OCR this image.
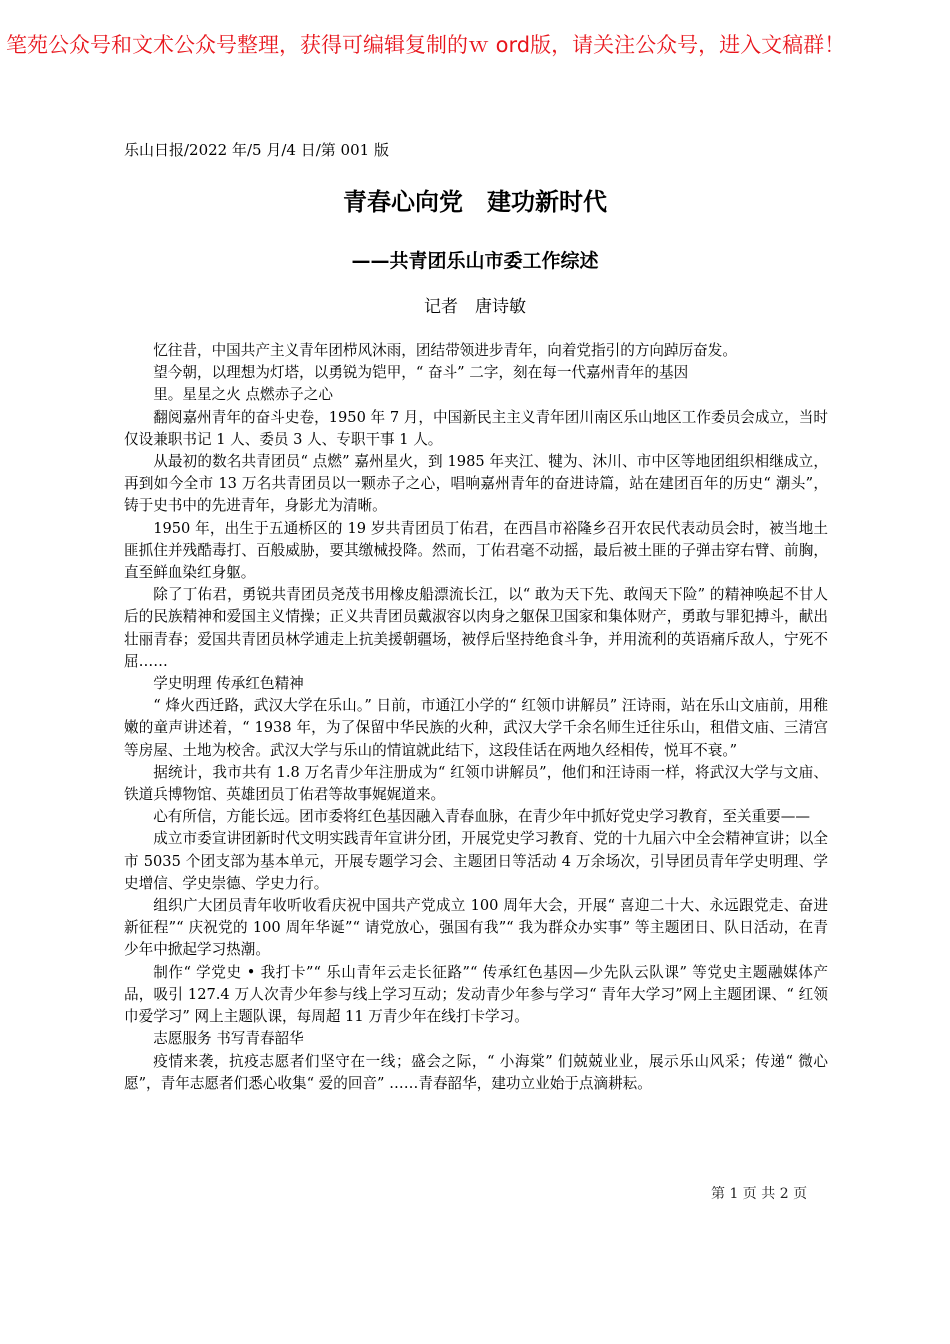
笔苑公众号和文术公众号整理，获得可编辑复制的ｗ ord版，请关注公众号，进入文稿群！
乐山日报/2022 年/5 月/4 日/第 001 版
青春心向党　建功新时代
——共青团乐山市委工作综述
记者　唐诗敏

忆往昔，中国共产主义青年团栉风沐雨，团结带领进步青年，向着党指引的方向踔厉奋发。

望今朝，以理想为灯塔，以勇锐为铠甲，“ 奋斗” 二字，刻在每一代嘉州青年的基因

里。星星之火 点燃赤子之心

翻阅嘉州青年的奋斗史卷，1950 年 7 月，中国新民主主义青年团川南区乐山地区工作委员会成立，当时仅设兼职书记 1 人、委员 3 人、专职干事 1 人。

从最初的数名共青团员“ 点燃” 嘉州星火，到 1985 年夹江、犍为、沐川、市中区等地团组织相继成立，再到如今全市 13 万名共青团员以一颗赤子之心，唱响嘉州青年的奋进诗篇，站在建团百年的历史“ 潮头”，铸于史书中的先进青年，身影尤为清晰。

1950 年，出生于五通桥区的 19 岁共青团员丁佑君，在西昌市裕隆乡召开农民代表动员会时，被当地土匪抓住并残酷毒打、百般威胁，要其缴械投降。然而，丁佑君毫不动摇，最后被土匪的子弹击穿右臂、前胸，直至鲜血染红身躯。

除了丁佑君，勇锐共青团员尧茂书用橡皮船漂流长江，以“ 敢为天下先、敢闯天下险” 的精神唤起不甘人后的民族精神和爱国主义情操；正义共青团员戴淑容以肉身之躯保卫国家和集体财产，勇敢与罪犯搏斗，献出壮丽青春；爱国共青团员林学逋走上抗美援朝疆场，被俘后坚持绝食斗争，并用流利的英语痛斥敌人，宁死不屈……

学史明理 传承红色精神

“ 烽火西迁路，武汉大学在乐山。” 日前，市通江小学的“ 红领巾讲解员” 汪诗雨，站在乐山文庙前，用稚嫩的童声讲述着，“ 1938 年，为了保留中华民族的火种，武汉大学千余名师生迁往乐山，租借文庙、三清宫等房屋、土地为校舍。武汉大学与乐山的情谊就此结下，这段佳话在两地久经相传，悦耳不衰。”

据统计，我市共有 1.8 万名青少年注册成为“ 红领巾讲解员”，他们和汪诗雨一样，将武汉大学与文庙、铁道兵博物馆、英雄团员丁佑君等故事娓娓道来。

心有所信，方能长远。团市委将红色基因融入青春血脉，在青少年中抓好党史学习教育，至关重要——

成立市委宣讲团新时代文明实践青年宣讲分团，开展党史学习教育、党的十九届六中全会精神宣讲；以全市 5035 个团支部为基本单元，开展专题学习会、主题团日等活动 4 万余场次，引导团员青年学史明理、学史增信、学史崇德、学史力行。

组织广大团员青年收听收看庆祝中国共产党成立 100 周年大会，开展“ 喜迎二十大、永远跟党走、奋进新征程”“ 庆祝党的 100 周年华诞”“ 请党放心，强国有我”“ 我为群众办实事” 等主题团日、队日活动，在青少年中掀起学习热潮。

制作“ 学党史 • 我打卡”“ 乐山青年云走长征路”“ 传承红色基因—少先队云队课” 等党史主题融媒体产品，吸引 127.4 万人次青少年参与线上学习互动；发动青少年参与学习“ 青年大学习”网上主题团课、“ 红领巾爱学习” 网上主题队课，每周超 11 万青少年在线打卡学习。

志愿服务 书写青春韶华

疫情来袭，抗疫志愿者们坚守在一线；盛会之际，“ 小海棠” 们兢兢业业，展示乐山风采；传递“ 微心愿”，青年志愿者们悉心收集“ 爱的回音” ……青春韶华，建功立业始于点滴耕耘。

第 1 页 共 2 页
